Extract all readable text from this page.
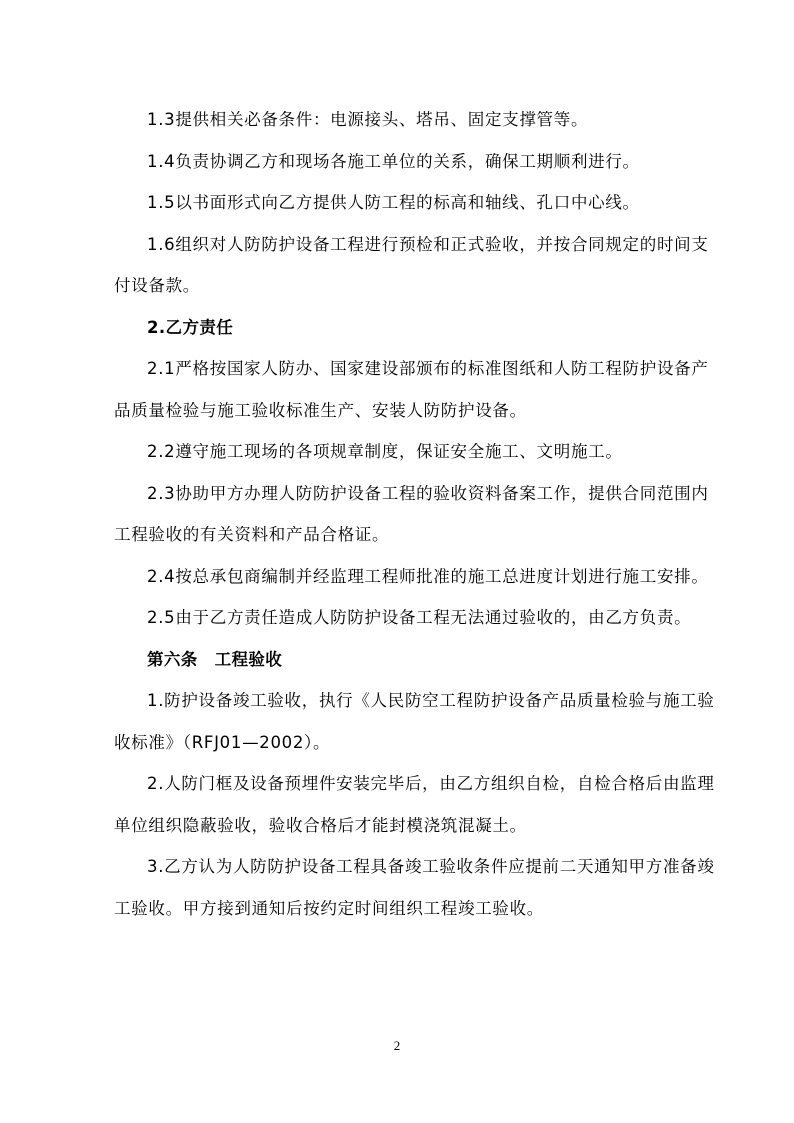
1.3提供相关必备条件：电源接头、塔吊、固定支撑管等。

1.4负责协调乙方和现场各施工单位的关系，确保工期顺利进行。

1.5以书面形式向乙方提供人防工程的标高和轴线、孔口中心线。

1.6组织对人防防护设备工程进行预检和正式验收，并按合同规定的时间支付设备款。

2.乙方责任

2.1严格按国家人防办、国家建设部颁布的标准图纸和人防工程防护设备产品质量检验与施工验收标准生产、安装人防防护设备。

2.2遵守施工现场的各项规章制度，保证安全施工、文明施工。

2.3协助甲方办理人防防护设备工程的验收资料备案工作，提供合同范围内工程验收的有关资料和产品合格证。

2.4按总承包商编制并经监理工程师批准的施工总进度计划进行施工安排。

2.5由于乙方责任造成人防防护设备工程无法通过验收的，由乙方负责。

第六条　工程验收

1.防护设备竣工验收，执行《人民防空工程防护设备产品质量检验与施工验收标准》（RFJ01—2002）。

2.人防门框及设备预埋件安装完毕后，由乙方组织自检，自检合格后由监理单位组织隐蔽验收，验收合格后才能封模浇筑混凝土。

3.乙方认为人防防护设备工程具备竣工验收条件应提前二天通知甲方准备竣工验收。甲方接到通知后按约定时间组织工程竣工验收。

2
